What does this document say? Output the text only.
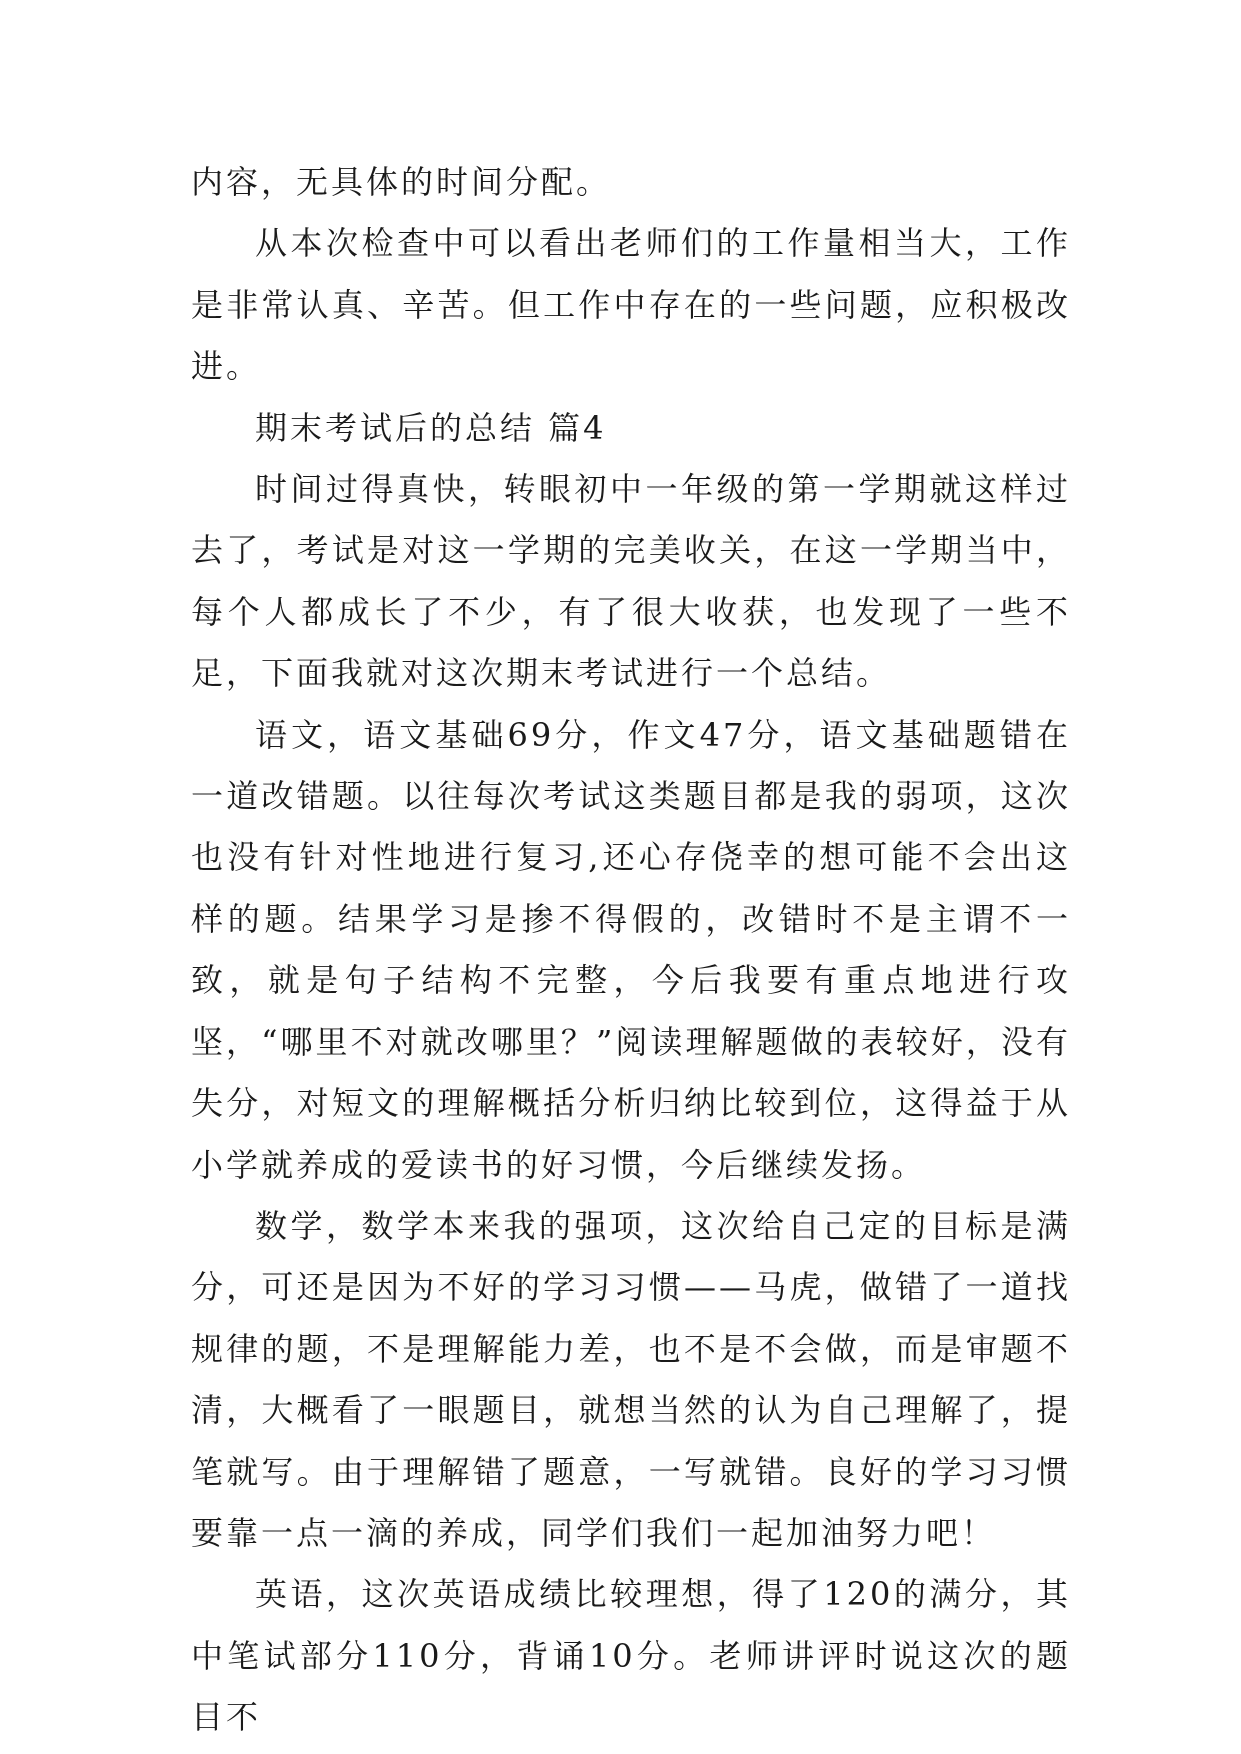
内容，无具体的时间分配。

从本次检查中可以看出老师们的工作量相当大，工作是非常认真、辛苦。但工作中存在的一些问题，应积极改进。

期末考试后的总结 篇4

时间过得真快，转眼初中一年级的第一学期就这样过去了，考试是对这一学期的完美收关，在这一学期当中，每个人都成长了不少，有了很大收获，也发现了一些不足，下面我就对这次期末考试进行一个总结。

语文，语文基础69分，作文47分，语文基础题错在一道改错题。以往每次考试这类题目都是我的弱项，这次也没有针对性地进行复习,还心存侥幸的想可能不会出这样的题。结果学习是掺不得假的，改错时不是主谓不一致，就是句子结构不完整，今后我要有重点地进行攻坚，“哪里不对就改哪里？”阅读理解题做的表较好，没有失分，对短文的理解概括分析归纳比较到位，这得益于从小学就养成的爱读书的好习惯，今后继续发扬。

数学，数学本来我的强项，这次给自己定的目标是满分，可还是因为不好的学习习惯——马虎，做错了一道找规律的题，不是理解能力差，也不是不会做，而是审题不清，大概看了一眼题目，就想当然的认为自己理解了，提笔就写。由于理解错了题意，一写就错。良好的学习习惯要靠一点一滴的养成，同学们我们一起加油努力吧！

英语，这次英语成绩比较理想，得了120的满分，其中笔试部分110分，背诵10分。老师讲评时说这次的题目不
